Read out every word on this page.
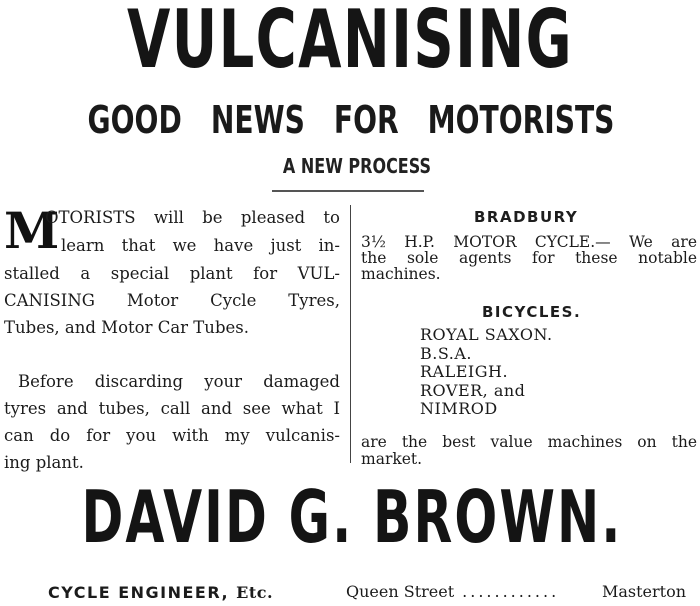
VULCANISING
GOOD NEWS FOR MOTORISTS
A NEW PROCESS
M
OTORISTS will be pleased to
learn that we have just in-
stalled a special plant for VUL-
CANISING Motor Cycle Tyres,
Tubes, and Motor Car Tubes.
Before discarding your damaged
tyres and tubes, call and see what I
can do for you with my vulcanis-
ing plant.
BRADBURY
3½ H.P. MOTOR CYCLE.— We are
the sole agents for these notable
machines.
BICYCLES.
ROYAL SAXON.
B.S.A.
RALEIGH.
ROVER, and
NIMROD
are the best value machines on the
market.
DAVID G. BROWN.
CYCLE ENGINEER, Etc.	Queen Street ............	Masterton
